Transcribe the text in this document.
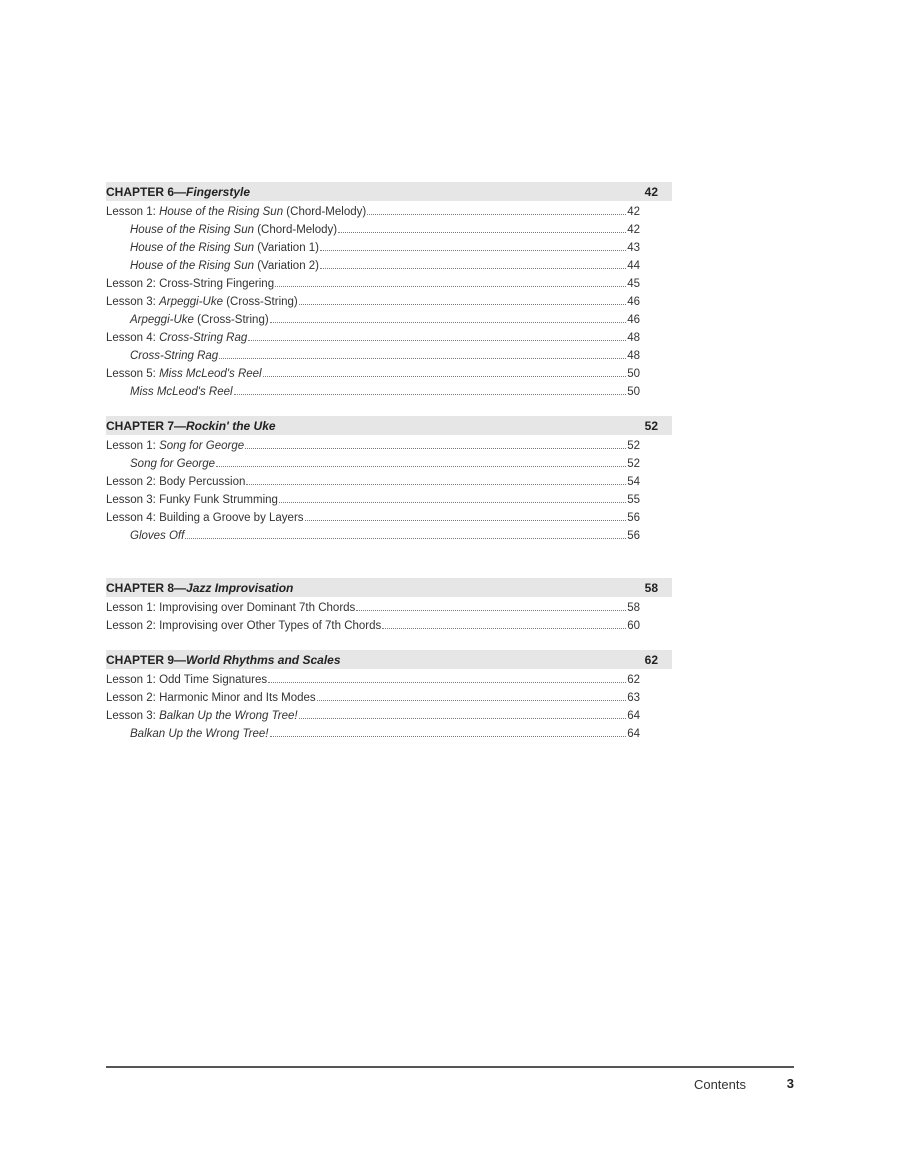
CHAPTER 6—Fingerstyle	42
Lesson 1: House of the Rising Sun (Chord-Melody)	42
House of the Rising Sun (Chord-Melody)	42
House of the Rising Sun (Variation 1)	43
House of the Rising Sun (Variation 2)	44
Lesson 2: Cross-String Fingering	45
Lesson 3: Arpeggi-Uke (Cross-String)	46
Arpeggi-Uke (Cross-String)	46
Lesson 4: Cross-String Rag	48
Cross-String Rag	48
Lesson 5: Miss McLeod's Reel	50
Miss McLeod's Reel	50
CHAPTER 7—Rockin' the Uke	52
Lesson 1: Song for George	52
Song for George	52
Lesson 2: Body Percussion	54
Lesson 3: Funky Funk Strumming	55
Lesson 4: Building a Groove by Layers	56
Gloves Off	56
CHAPTER 8—Jazz Improvisation	58
Lesson 1: Improvising over Dominant 7th Chords	58
Lesson 2: Improvising over Other Types of 7th Chords	60
CHAPTER 9—World Rhythms and Scales	62
Lesson 1: Odd Time Signatures	62
Lesson 2: Harmonic Minor and Its Modes	63
Lesson 3: Balkan Up the Wrong Tree!	64
Balkan Up the Wrong Tree!	64
Contents	3
